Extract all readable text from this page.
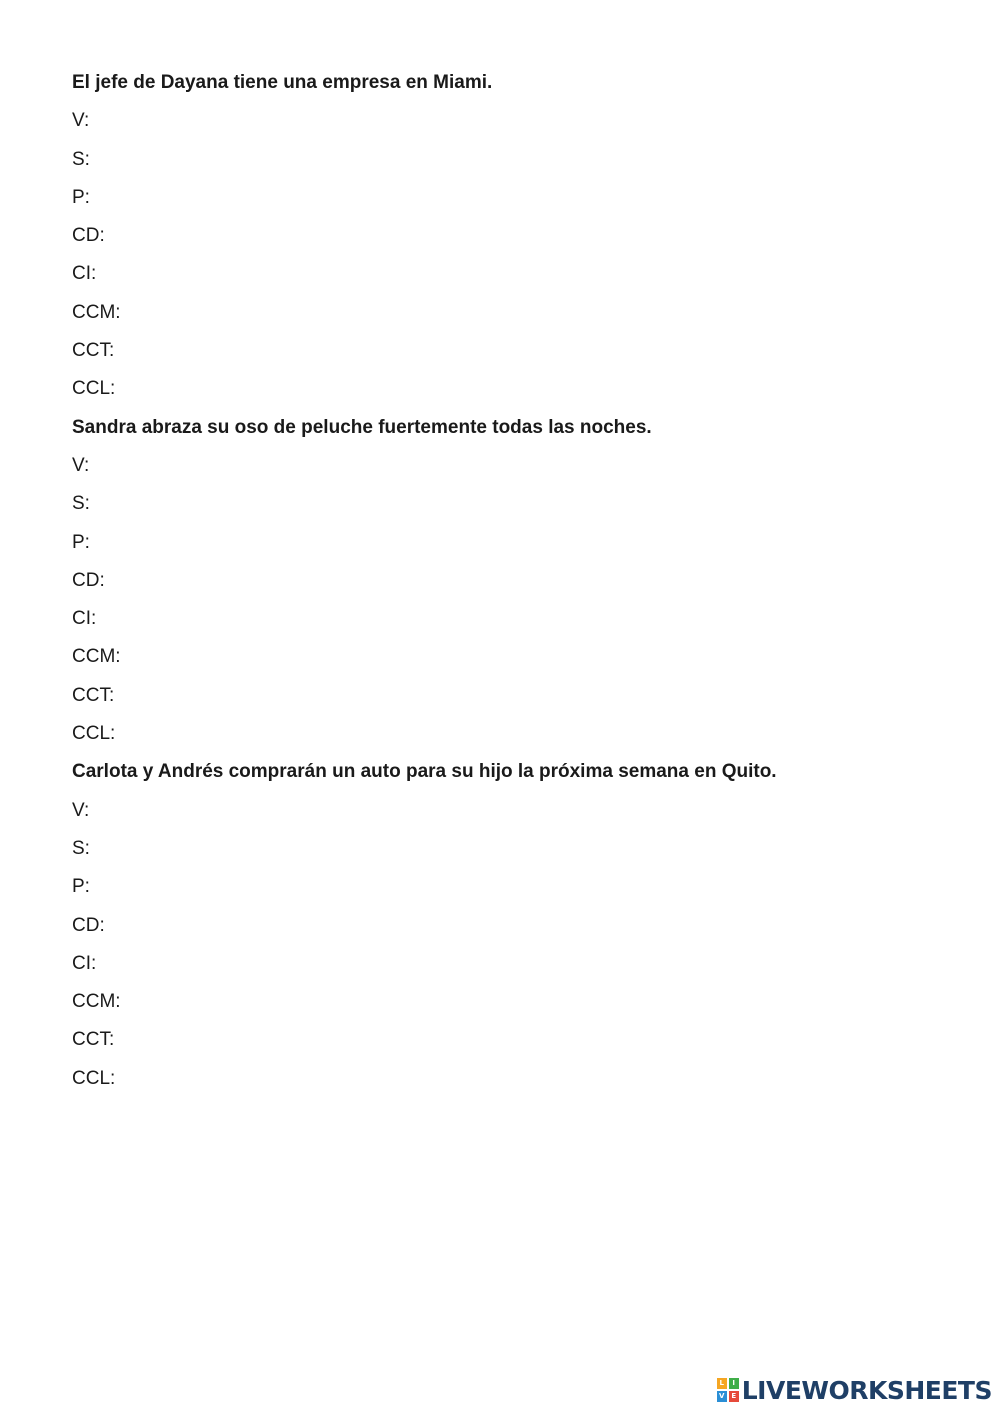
El jefe de Dayana tiene una empresa en Miami.
V:
S:
P:
CD:
CI:
CCM:
CCT:
CCL:
Sandra abraza su oso de peluche fuertemente todas las noches.
V:
S:
P:
CD:
CI:
CCM:
CCT:
CCL:
Carlota y Andrés comprarán un auto para su hijo la próxima semana en Quito.
V:
S:
P:
CD:
CI:
CCM:
CCT:
CCL:
L	I
V E LIVEWORKSHEETS
